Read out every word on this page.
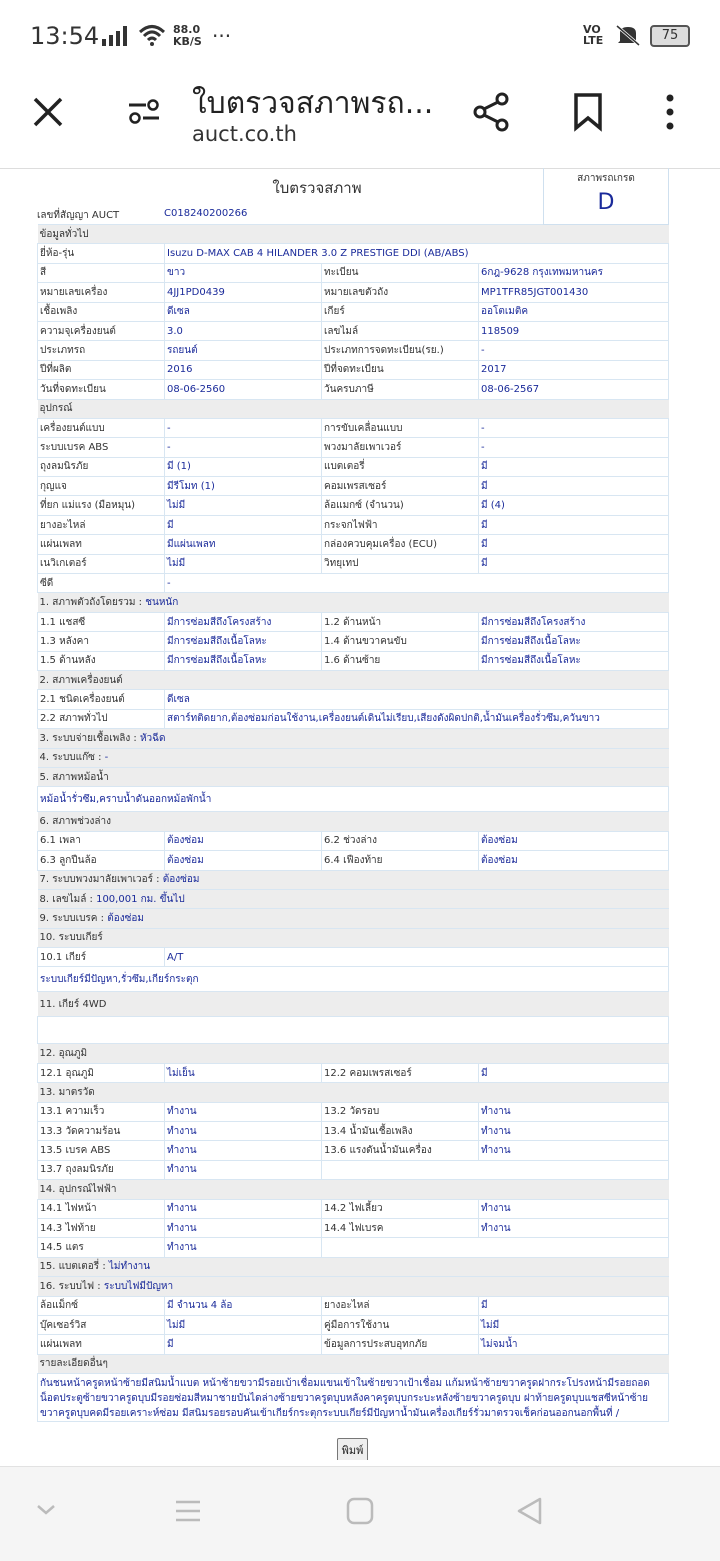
13:54	88.0
KB/S ···	VO
LTE	75
ใบตรวจสภาพรถ...
auct.co.th
ใบตรวจสภาพ
สภาพรถเกรด
D
เลขที่สัญญา AUCT	C018240200266
ข้อมูลทั่วไป			
ยี่ห้อ-รุ่น	Isuzu D-MAX CAB 4 HILANDER 3.0 Z PRESTIGE DDI (AB/ABS)		
สี	ขาว	ทะเบียน	6กฎ-9628 กรุงเทพมหานคร
หมายเลขเครื่อง	4JJ1PD0439	หมายเลขตัวถัง	MP1TFR85JGT001430
เชื้อเพลิง	ดีเซล	เกียร์	ออโตเมติค
ความจุเครื่องยนต์	3.0	เลขไมล์	118509
ประเภทรถ	รถยนต์	ประเภทการจดทะเบียน(รย.)	-
ปีที่ผลิต	2016	ปีที่จดทะเบียน	2017
วันที่จดทะเบียน	08-06-2560	วันครบภาษี	08-06-2567
อุปกรณ์			
เครื่องยนต์แบบ	-	การขับเคลื่อนแบบ	-
ระบบเบรค ABS	-	พวงมาลัยเพาเวอร์	-
ถุงลมนิรภัย	มี (1)	แบตเตอรี่	มี
กุญแจ	มีรีโมท (1)	คอมเพรสเซอร์	มี
ที่ยก แม่แรง (มือหมุน)	ไม่มี	ล้อแมกซ์ (จำนวน)	มี (4)
ยางอะไหล่	มี	กระจกไฟฟ้า	มี
แผ่นเพลท	มีแผ่นเพลท	กล่องควบคุมเครื่อง (ECU)	มี
เนวิเกเตอร์	ไม่มี	วิทยุเทป	มี
ซีดี	-		
1. สภาพตัวถังโดยรวม : ชนหนัก			
1.1 แชสซี	มีการซ่อมสีถึงโครงสร้าง	1.2 ด้านหน้า	มีการซ่อมสีถึงโครงสร้าง
1.3 หลังคา	มีการซ่อมสีถึงเนื้อโลหะ	1.4 ด้านขวาคนขับ	มีการซ่อมสีถึงเนื้อโลหะ
1.5 ด้านหลัง	มีการซ่อมสีถึงเนื้อโลหะ	1.6 ด้านซ้าย	มีการซ่อมสีถึงเนื้อโลหะ
2. สภาพเครื่องยนต์			
2.1 ชนิดเครื่องยนต์	ดีเซล		
2.2 สภาพทั่วไป	สตาร์ทติดยาก,ต้องซ่อมก่อนใช้งาน,เครื่องยนต์เดินไม่เรียบ,เสียงดังผิดปกติ,น้ำมันเครื่องรั่วซึม,ควันขาว		
3. ระบบจ่ายเชื้อเพลิง : หัวฉีด			
4. ระบบแก๊ซ : -			
5. สภาพหม้อน้ำ			
หม้อน้ำรั่วซึม,คราบน้ำดันออกหม้อพักน้ำ			
6. สภาพช่วงล่าง			
6.1 เพลา	ต้องซ่อม	6.2 ช่วงล่าง	ต้องซ่อม
6.3 ลูกปืนล้อ	ต้องซ่อม	6.4 เฟืองท้าย	ต้องซ่อม
7. ระบบพวงมาลัยเพาเวอร์ : ต้องซ่อม			
8. เลขไมล์ : 100,001 กม. ขึ้นไป			
9. ระบบเบรค : ต้องซ่อม			
10. ระบบเกียร์			
10.1 เกียร์	A/T		
ระบบเกียร์มีปัญหา,รั่วซึม,เกียร์กระตุก			
11. เกียร์ 4WD			

12. อุณภูมิ			
12.1 อุณภูมิ	ไม่เย็น	12.2 คอมเพรสเซอร์	มี
13. มาตรวัด			
13.1 ความเร็ว	ทำงาน	13.2 วัดรอบ	ทำงาน
13.3 วัดความร้อน	ทำงาน	13.4 น้ำมันเชื้อเพลิง	ทำงาน
13.5 เบรค ABS	ทำงาน	13.6 แรงดันน้ำมันเครื่อง	ทำงาน
13.7 ถุงลมนิรภัย	ทำงาน		
14. อุปกรณ์ไฟฟ้า			
14.1 ไฟหน้า	ทำงาน	14.2 ไฟเลี้ยว	ทำงาน
14.3 ไฟท้าย	ทำงาน	14.4 ไฟเบรค	ทำงาน
14.5 แตร	ทำงาน		
15. แบตเตอรี่ : ไม่ทำงาน			
16. ระบบไฟ : ระบบไฟมีปัญหา			
ล้อแม็กซ์	มี จำนวน 4 ล้อ	ยางอะไหล่	มี
บุ๊คเซอร์วิส	ไม่มี	คู่มือการใช้งาน	ไม่มี
แผ่นเพลท	มี	ข้อมูลการประสบอุทกภัย	ไม่จมน้ำ
รายละเอียดอื่นๆ			
กันชนหน้าครูดหน้าซ้ายมีสนิมน้ำแบต หน้าซ้ายขวามีรอยเบ้าเชื่อมแขนเข้าในซ้ายขวาเป้าเชื่อม แก้มหน้าซ้ายขวาครูดฝากระโปรงหน้ามีรอยถอดน็อตประตูซ้ายขวาครูดบุบมีรอยซ่อมสีหมาชายบันไดล่างซ้ายขวาครูดบุบหลังคาครูดบุบกระบะหลังซ้ายขวาครูดบุบ ฝาท้ายครูดบุบแชสซีหน้าซ้ายขวาครูดบุบคดมีรอยเคราะห์ซ่อม มีสนิมรอยรอบคันเข้าเกียร์กระตุกระบบเกียร์มีปัญหาน้ำมันเครื่องเกียร์รั่วมาตรวจเช็คก่อนออกนอกพื้นที่ /			
พิมพ์
